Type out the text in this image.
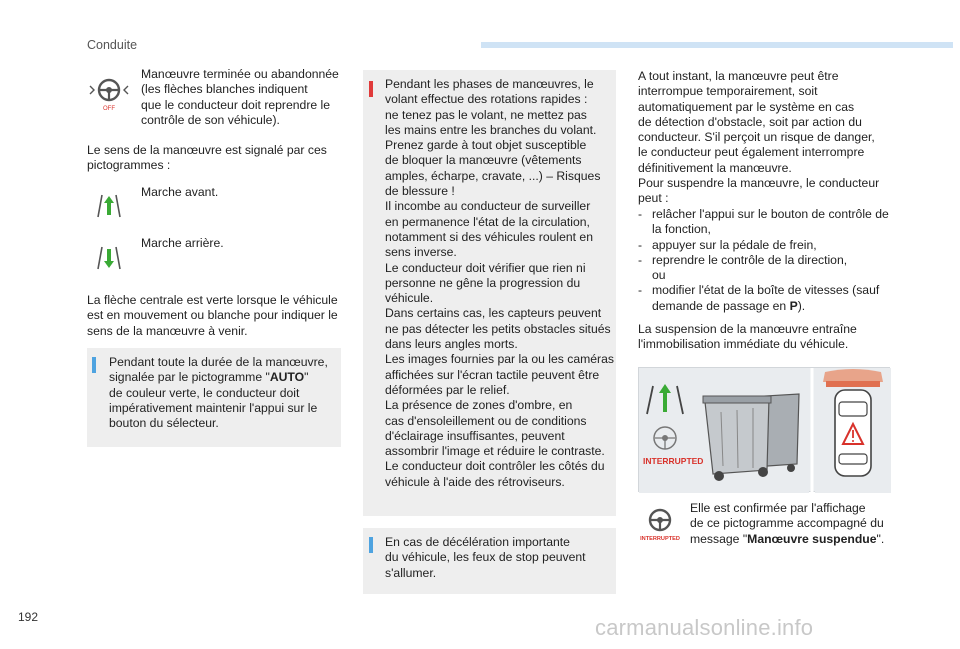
Conduite
OFF
Manœuvre terminée ou abandonnée
(les flèches blanches indiquent
que le conducteur doit reprendre le
contrôle de son véhicule).
Le sens de la manœuvre est signalé par ces
pictogrammes :
Marche avant.
Marche arrière.
La flèche centrale est verte lorsque le véhicule
est en mouvement ou blanche pour indiquer le
sens de la manœuvre à venir.
Pendant toute la durée de la manœuvre,
signalée par le pictogramme "AUTO"
de couleur verte, le conducteur doit
impérativement maintenir l'appui sur le
bouton du sélecteur.
Pendant les phases de manœuvres, le
volant effectue des rotations rapides :
ne tenez pas le volant, ne mettez pas
les mains entre les branches du volant.
Prenez garde à tout objet susceptible
de bloquer la manœuvre (vêtements
amples, écharpe, cravate, ...) – Risques
de blessure !
Il incombe au conducteur de surveiller
en permanence l'état de la circulation,
notamment si des véhicules roulent en
sens inverse.
Le conducteur doit vérifier que rien ni
personne ne gêne la progression du
véhicule.
Dans certains cas, les capteurs peuvent
ne pas détecter les petits obstacles situés
dans leurs angles morts.
Les images fournies par la ou les caméras
affichées sur l'écran tactile peuvent être
déformées par le relief.
La présence de zones d'ombre, en
cas d'ensoleillement ou de conditions
d'éclairage insuffisantes, peuvent
assombrir l'image et réduire le contraste.
Le conducteur doit contrôler les côtés du
véhicule à l'aide des rétroviseurs.
En cas de décélération importante
du véhicule, les feux de stop peuvent
s'allumer.
A tout instant, la manœuvre peut être
interrompue temporairement, soit
automatiquement par le système en cas
de détection d'obstacle, soit par action du
conducteur. S'il perçoit un risque de danger,
le conducteur peut également interrompre
définitivement la manœuvre.
Pour suspendre la manœuvre, le conducteur
peut :
- relâcher l'appui sur le bouton de contrôle de
la fonction,
- appuyer sur la pédale de frein,
- reprendre le contrôle de la direction,
ou
- modifier l'état de la boîte de vitesses (sauf
demande de passage en P).
La suspension de la manœuvre entraîne
l'immobilisation immédiate du véhicule.
INTERRUPTED
INTERRUPTED
Elle est confirmée par l'affichage
de ce pictogramme accompagné du
message "Manœuvre suspendue".
192	carmanualsonline.info
